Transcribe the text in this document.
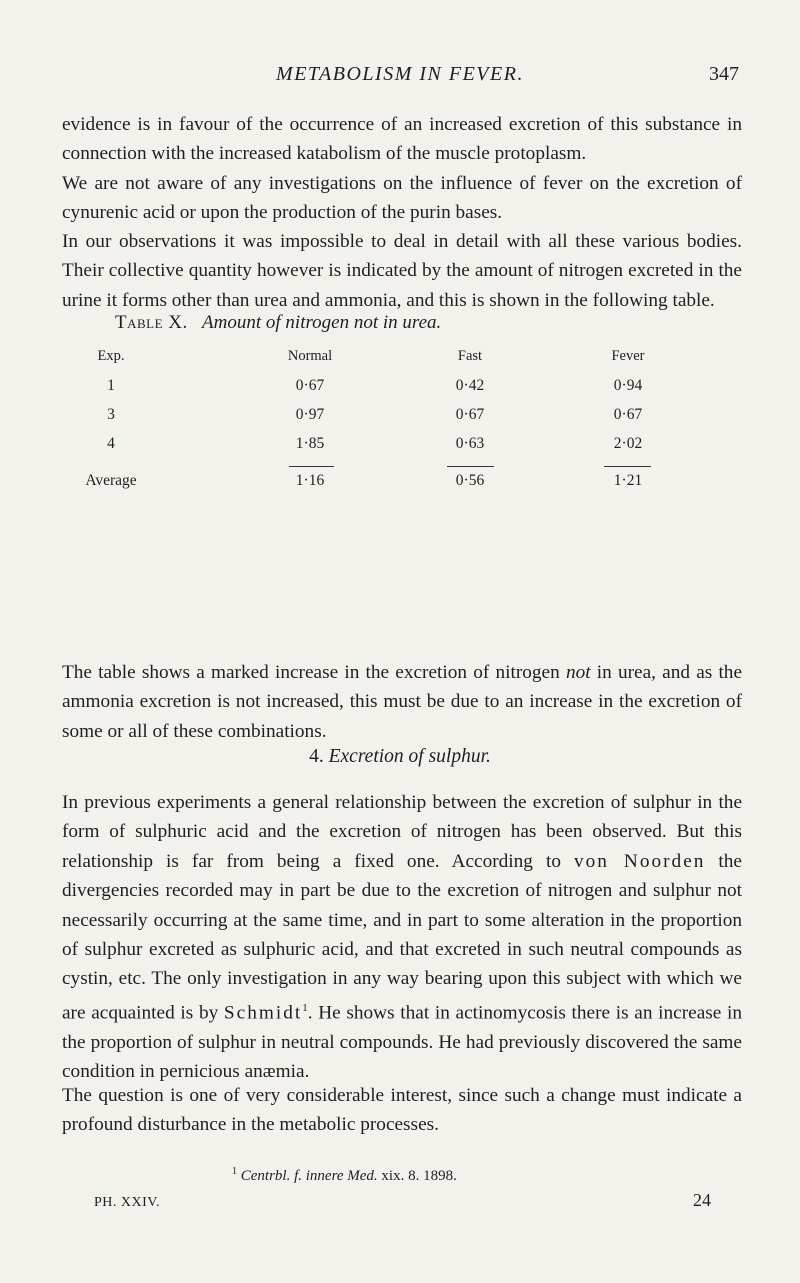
METABOLISM IN FEVER.	347

evidence is in favour of the occurrence of an increased excretion of this substance in connection with the increased katabolism of the muscle protoplasm.

We are not aware of any investigations on the influence of fever on the excretion of cynurenic acid or upon the production of the purin bases.

In our observations it was impossible to deal in detail with all these various bodies. Their collective quantity however is indicated by the amount of nitrogen excreted in the urine it forms other than urea and ammonia, and this is shown in the following table.

Table X. Amount of nitrogen not in urea.
Exp.	Normal	Fast	Fever
1	0·67	0·42	0·94
3	0·97	0·67	0·67
4	1·85	0·63	2·02
Average	1·16	0·56	1·21

The table shows a marked increase in the excretion of nitrogen not in urea, and as the ammonia excretion is not increased, this must be due to an increase in the excretion of some or all of these combinations.

4. Excretion of sulphur.

In previous experiments a general relationship between the excretion of sulphur in the form of sulphuric acid and the excretion of nitrogen has been observed. But this relationship is far from being a fixed one. According to von Noorden the divergencies recorded may in part be due to the excretion of nitrogen and sulphur not necessarily occurring at the same time, and in part to some alteration in the proportion of sulphur excreted as sulphuric acid, and that excreted in such neutral compounds as cystin, etc. The only investigation in any way bearing upon this subject with which we are acquainted is by Schmidt$^1$. He shows that in actinomycosis there is an increase in the proportion of sulphur in neutral compounds. He had previously discovered the same condition in pernicious anæmia.

The question is one of very considerable interest, since such a change must indicate a profound disturbance in the metabolic processes.

$^1$ Centrbl. f. innere Med. xix. 8. 1898.
PH. XXIV.	24
